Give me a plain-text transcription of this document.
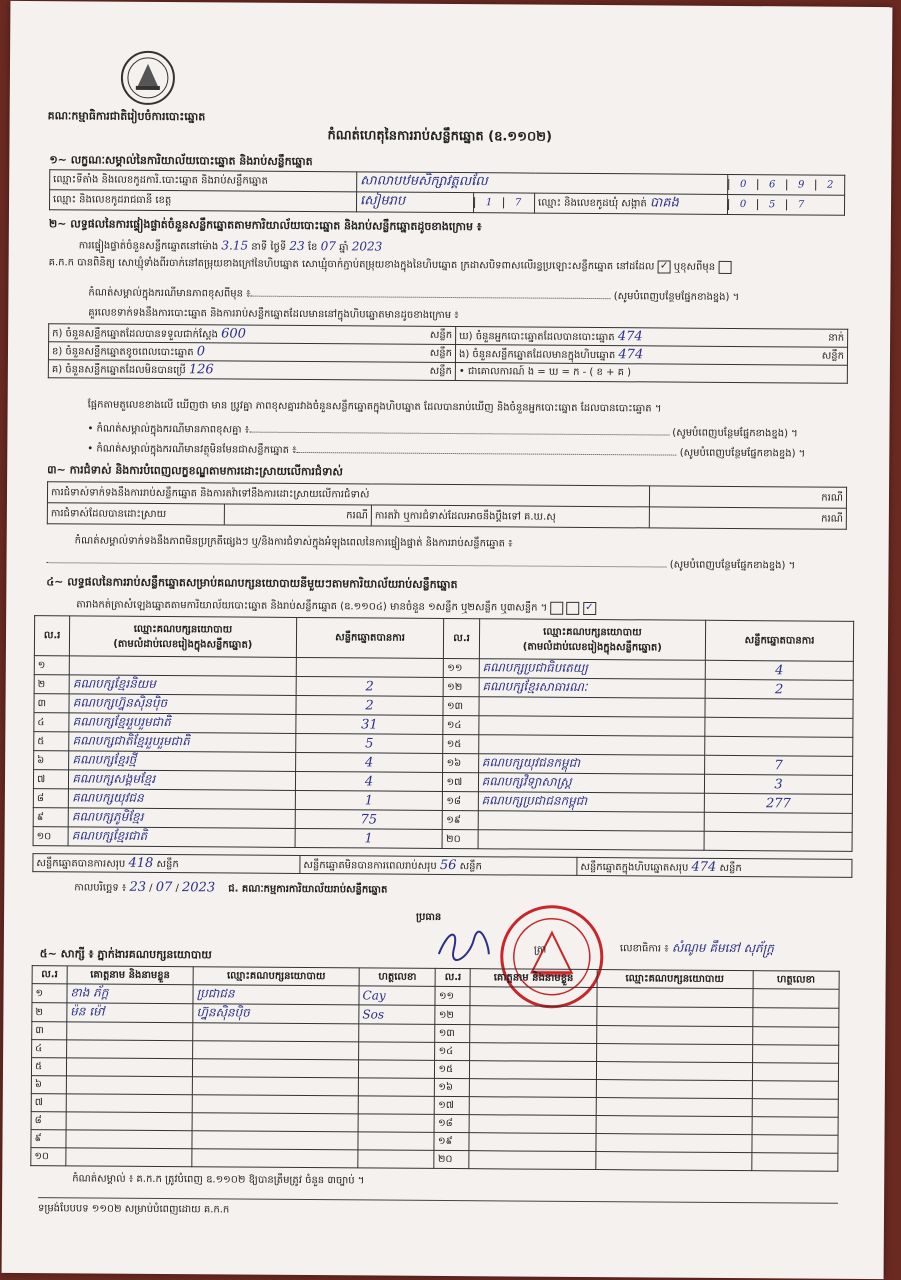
គណៈកម្មាធិការជាតិរៀបចំការបោះឆ្នោត
កំណត់ហេតុនៃការរាប់សន្លឹកឆ្នោត (ឧ.១១០២)
១~ លក្ខណៈសម្គាល់នៃការិយាល័យបោះឆ្នោត និងរាប់សន្លឹកឆ្នោត
ឈ្មោះទីតាំង និងលេខកូដការិ.បោះឆ្នោត និងរាប់សន្លឹកឆ្នោត	សាលាបឋមសិក្សាវត្តលលែ			0 6 9 2
ឈ្មោះ និងលេខកូដរាជធានី ខេត្ត	សៀមរាប	1 7	ឈ្មោះ និងលេខកូដឃុំ សង្កាត់ បាគង	0 5 7
២~ លទ្ធផលនៃការផ្ទៀងផ្ទាត់ចំនួនសន្លឹកឆ្នោតតាមការិយាល័យបោះឆ្នោត និងរាប់សន្លឹកឆ្នោតដូចខាងក្រោម ៖
ការផ្ទៀងផ្ទាត់ចំនួនសន្លឹកឆ្នោតនៅម៉ោង 3.15 នាទី ថ្ងៃទី 23 ខែ 07 ឆ្នាំ 2023
គ.ក.ក បានពិនិត្យ សោឃ្មុំទាំងពីរចាក់នៅតម្រុយខាងក្រៅនៃហិបឆ្នោត សោឃ្មុំចាក់ភ្ជាប់តម្រុយខាងក្នុងនៃហិបឆ្នោត ក្រដាសបិទពាសលើរន្ធប្រឡោះសន្លឹកឆ្នោត នៅដដែល ✓ ឬខុសពីមុន
កំណត់សម្គាល់ក្នុងករណីមានភាពខុសពីមុន ៖	(សូមបំពេញបន្ថែមផ្នែកខាងខ្នង) ។
គួរលេខទាក់ទងនឹងការបោះឆ្នោត និងការរាប់សន្លឹកឆ្នោតដែលមាននៅក្នុងហិបឆ្នោតមានដូចខាងក្រោម ៖
ក) ចំនួនសន្លឹកឆ្នោតដែលបានទទួលជាក់ស្តែង 600 សន្លឹក	ឃ) ចំនួនអ្នកបោះឆ្នោតដែលបានបោះឆ្នោត 474 នាក់

ខ) ចំនួនសន្លឹកឆ្នោតខូចពេលបោះឆ្នោត 0 សន្លឹក	ង) ចំនួនសន្លឹកឆ្នោតដែលមានក្នុងហិបឆ្នោត 474 សន្លឹក

គ) ចំនួនសន្លឹកឆ្នោតដែលមិនបានប្រើ 126 សន្លឹក	• ជាគោលការណ៍ ង = ឃ = ក - ( ខ + គ )
ផ្អែកតាមតួលេខខាងលើ ឃើញថា មាន ប្រូវគ្នា ភាពខុសគ្នារវាងចំនួនសន្លឹកឆ្នោតក្នុងហិបឆ្នោត ដែលបានរាប់ឃើញ និងចំនួនអ្នកបោះឆ្នោត ដែលបានបោះឆ្នោត ។
• កំណត់សម្គាល់ក្នុងករណីមានភាពខុសគ្នា ៖	(សូមបំពេញបន្ថែមផ្នែកខាងខ្នង) ។
• កំណត់សម្គាល់ក្នុងករណីមានវត្ថុមិនមែនជាសន្លឹកឆ្នោត ៖	(សូមបំពេញបន្ថែមផ្នែកខាងខ្នង) ។
៣~ ការជំទាស់ និងការបំពេញលក្ខខណ្ឌតាមការដោះស្រាយលើការជំទាស់
ការជំទាស់ទាក់ទងនឹងការរាប់សន្លឹកឆ្នោត និងការតវ៉ាទៅនឹងការដោះស្រាយលើការជំទាស់			ករណី
ការជំទាស់ដែលបានដោះស្រាយ	ករណី	ការតវ៉ា ឬការជំទាស់ដែលអាចនឹងប្តឹងទៅ គ.ឃ.សុ	ករណី
កំណត់សម្គាល់ទាក់ទងនឹងភាពមិនប្រក្រតីផ្សេងៗ ឬ/និងការជំទាស់ក្នុងអំឡុងពេលនៃការផ្ទៀងផ្ទាត់ និងការរាប់សន្លឹកឆ្នោត ៖
(សូមបំពេញបន្ថែមផ្នែកខាងខ្នង) ។
៤~ លទ្ធផលនៃការរាប់សន្លឹកឆ្នោតសម្រាប់គណបក្សនយោបាយនីមួយៗតាមការិយាល័យរាប់សន្លឹកឆ្នោត
តារាងកត់ត្រាសំឡេងឆ្នោតតាមការិយាល័យបោះឆ្នោត និងរាប់សន្លឹកឆ្នោត (ឧ.១១០៤) មានចំនួន ១សន្លឹក ឬ២សន្លឹក ឬ៣សន្លឹក ។	✓
ល.រ	ឈ្មោះគណបក្សនយោបាយ
(តាមលំដាប់លេខរៀងក្នុងសន្លឹកឆ្នោត)	សន្លឹកឆ្នោតបានការ	ល.រ	ឈ្មោះគណបក្សនយោបាយ
(តាមលំដាប់លេខរៀងក្នុងសន្លឹកឆ្នោត)	សន្លឹកឆ្នោតបានការ
១			១១	គណបក្សប្រជាធិបតេយ្យ	4
២	គណបក្សខ្មែរនិយម	2	១២	គណបក្សខ្មែរសាធារណៈ	2
៣	គណបក្សហ្វ៊ុនស៊ិនប៉ិច	2	១៣		
៤	គណបក្សខ្មែររួបរួមជាតិ	31	១៤		
៥	គណបក្សជាតិខ្មែររួបរួមជាតិ	5	១៥		
៦	គណបក្សខ្មែរថ្មី	4	១៦	គណបក្សយុវជនកម្ពុជា	7
៧	គណបក្សសង្គមខ្មែរ	4	១៧	គណបក្សវិទ្យាសាស្ត្រ	3
៨	គណបក្សយុវជន	1	១៨	គណបក្សប្រជាជនកម្ពុជា	277
៩	គណបក្សភូមិខ្មែរ	75	១៩		
១០	គណបក្សខ្មែរជាតិ	1	២០		
សន្លឹកឆ្នោតបានការសរុប 418 សន្លឹក	សន្លឹកឆ្នោតមិនបានការពេលរាប់សរុប 56 សន្លឹក	សន្លឹកឆ្នោតក្នុងហិបឆ្នោតសរុប 474 សន្លឹក
កាលបរិច្ឆេទ ៖ 23 / 07 / 2023 ជ. គណៈកម្មការការិយាល័យរាប់សន្លឹកឆ្នោត
ប្រធាន
ត្រា	លេខាធិការ ៖ សំណូម គឹមនៅ សុភ័ក្ត្រ
៥~ សាក្សី ៖ ភ្នាក់ងារគណបក្សនយោបាយ
ល.រ	គោត្តនាម និងនាមខ្លួន	ឈ្មោះគណបក្សនយោបាយ	ហត្ថលេខា	ល.រ	គោត្តនាម និងនាមខ្លួន	ឈ្មោះគណបក្សនយោបាយ	ហត្ថលេខា
១	ខាង ភ័ក្ត	ប្រជាជន	Cay	១១			
២	ម៉ន ម៉ៅ	ហ្វ៊ុនស៊ិនប៉ិច	Sos	១២			
៣				១៣			
៤				១៤			
៥				១៥			
៦				១៦			
៧				១៧			
៨				១៨			
៩				១៩			
១០				២០			
កំណត់សម្គាល់ ៖ គ.ក.ក ត្រូវបំពេញ ឧ.១១០២ ឱ្យបានត្រឹមត្រូវ ចំនួន ៣ច្បាប់ ។
ទម្រង់បែបបទ ១១០២ សម្រាប់បំពេញដោយ គ.ក.ក
